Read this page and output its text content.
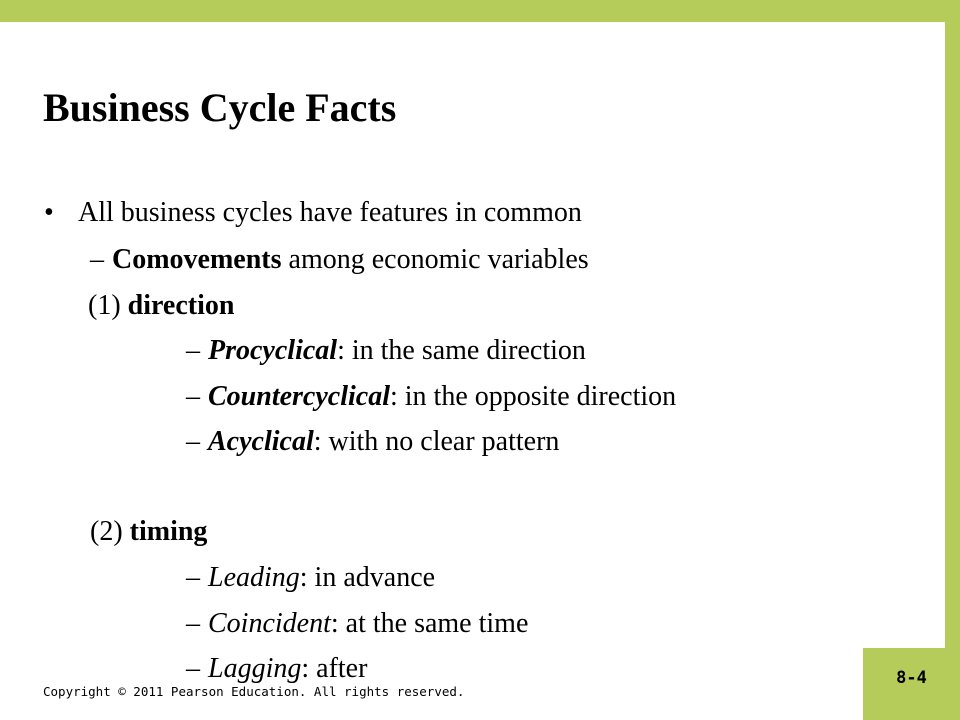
Business Cycle Facts
• All business cycles have features in common
– Comovements among economic variables
(1) direction
– Procyclical: in the same direction
– Countercyclical: in the opposite direction
– Acyclical: with no clear pattern
(2) timing
– Leading: in advance
– Coincident: at the same time
– Lagging: after
Copyright © 2011 Pearson Education. All rights reserved.
8-4
